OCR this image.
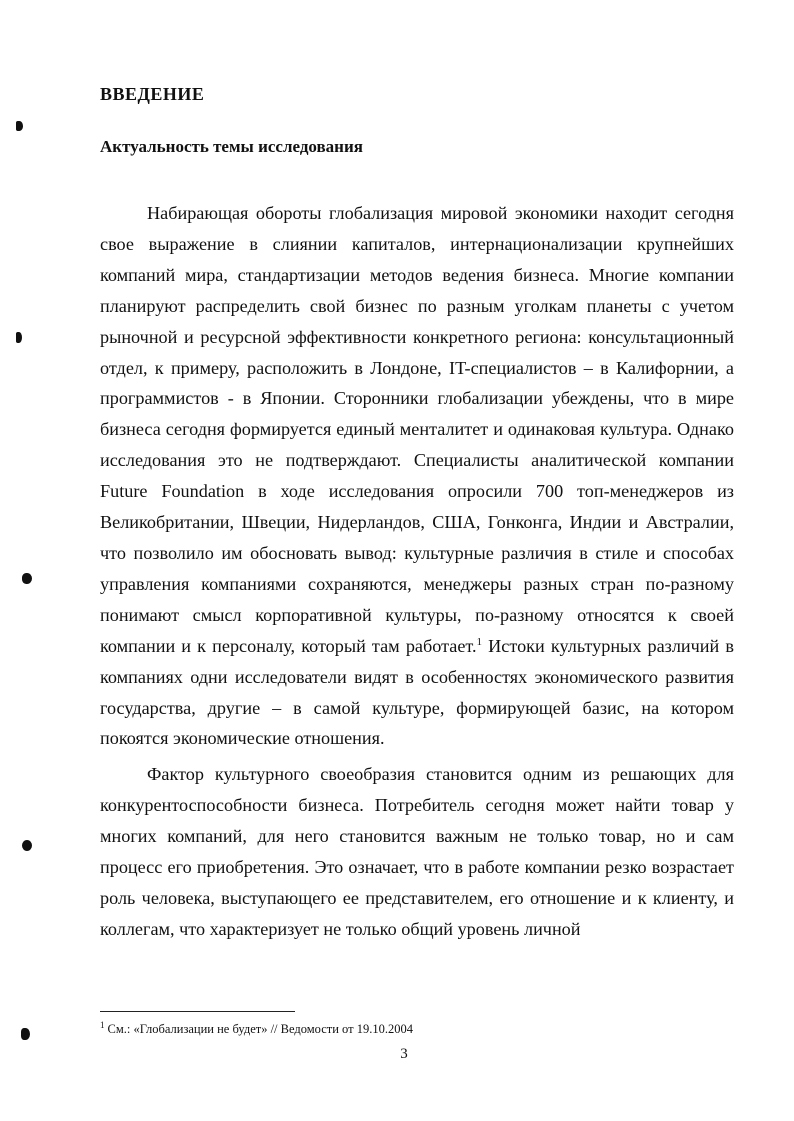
ВВЕДЕНИЕ
Актуальность темы исследования

Набирающая обороты глобализация мировой экономики находит сегодня свое выражение в слиянии капиталов, интернационализации крупнейших компаний мира, стандартизации методов ведения бизнеса. Многие компании планируют распределить свой бизнес по разным уголкам планеты с учетом рыночной и ресурсной эффективности конкретного региона: консультационный отдел, к примеру, расположить в Лондоне, IT-специалистов – в Калифорнии, а программистов - в Японии. Сторонники глобализации убеждены, что в мире бизнеса сегодня формируется единый менталитет и одинаковая культура. Однако исследования это не подтверждают. Специалисты аналитической компании Future Foundation в ходе исследования опросили 700 топ-менеджеров из Великобритании, Швеции, Нидерландов, США, Гонконга, Индии и Австралии, что позволило им обосновать вывод: культурные различия в стиле и способах управления компаниями сохраняются, менеджеры разных стран по-разному понимают смысл корпоративной культуры, по-разному относятся к своей компании и к персоналу, который там работает.$^1$ Истоки культурных различий в компаниях одни исследователи видят в особенностях экономического развития государства, другие – в самой культуре, формирующей базис, на котором покоятся экономические отношения.

Фактор культурного своеобразия становится одним из решающих для конкурентоспособности бизнеса. Потребитель сегодня может найти товар у многих компаний, для него становится важным не только товар, но и сам процесс его приобретения. Это означает, что в работе компании резко возрастает роль человека, выступающего ее представителем, его отношение и к клиенту, и коллегам, что характеризует не только общий уровень личной

$^1$ См.: «Глобализации не будет» // Ведомости от 19.10.2004

3
